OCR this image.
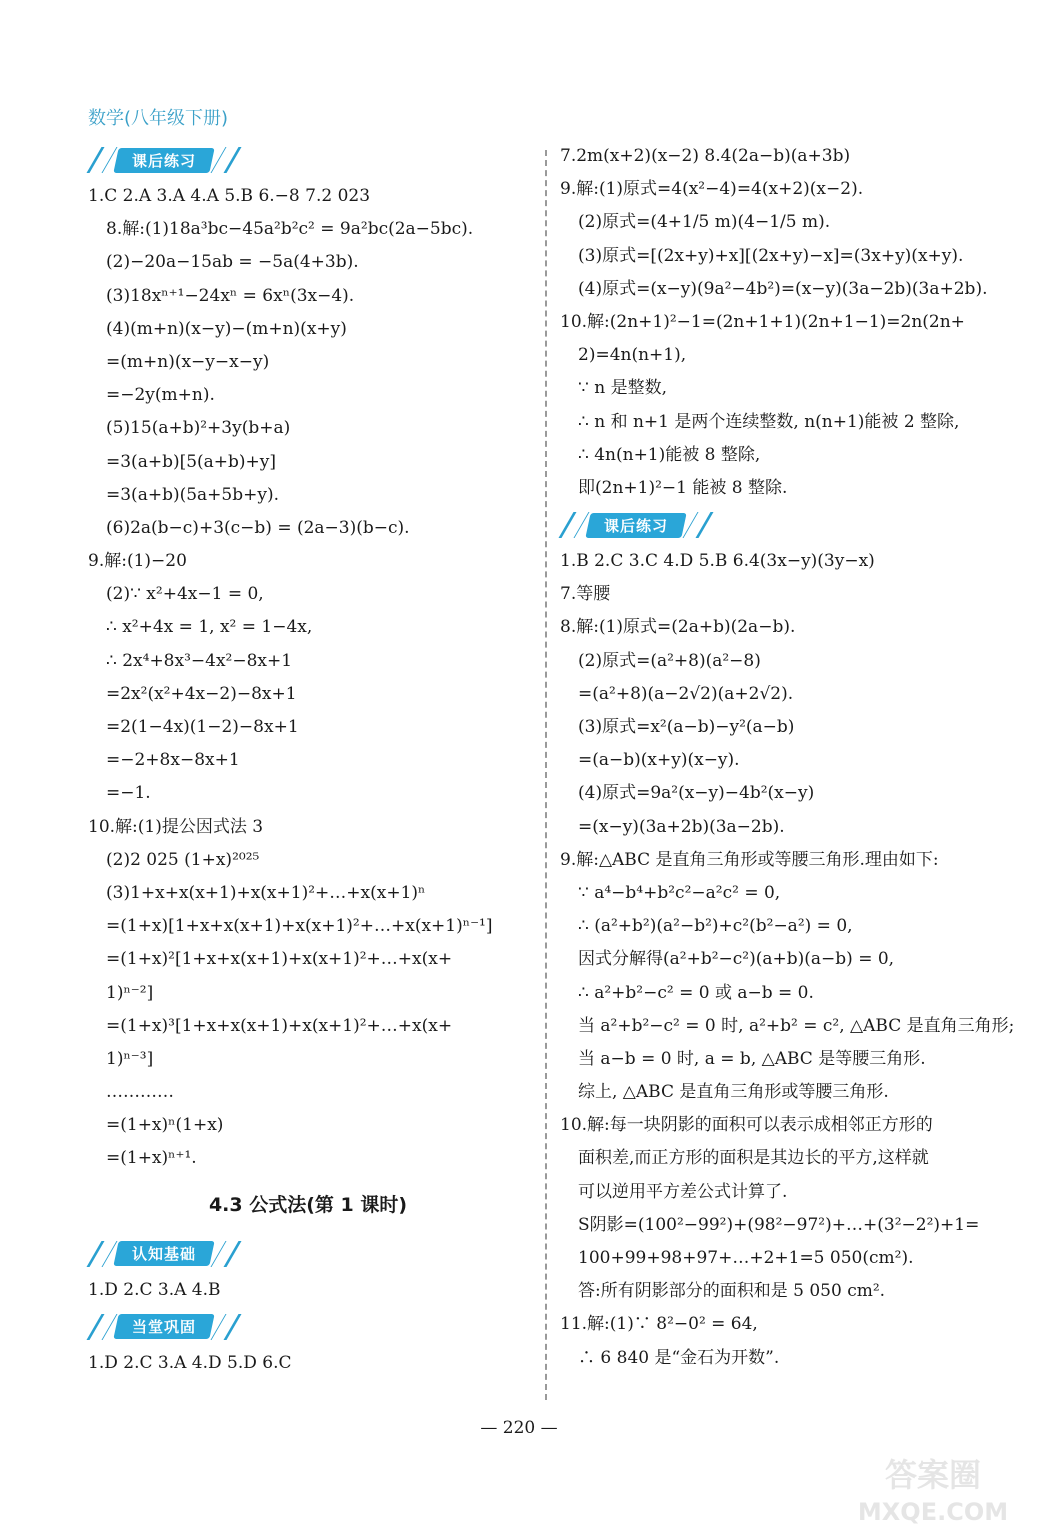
数学(八年级下册)
课后练习
1.C 2.A 3.A 4.A 5.B 6.−8 7.2 023
8.解:(1)18a³bc−45a²b²c² = 9a²bc(2a−5bc).
(2)−20a−15ab = −5a(4+3b).
(3)18xⁿ⁺¹−24xⁿ = 6xⁿ(3x−4).
(4)(m+n)(x−y)−(m+n)(x+y)
=(m+n)(x−y−x−y)
=−2y(m+n).
(5)15(a+b)²+3y(b+a)
=3(a+b)[5(a+b)+y]
=3(a+b)(5a+5b+y).
(6)2a(b−c)+3(c−b) = (2a−3)(b−c).
9.解:(1)−20
(2)∵ x²+4x−1 = 0,
∴ x²+4x = 1, x² = 1−4x,
∴ 2x⁴+8x³−4x²−8x+1
=2x²(x²+4x−2)−8x+1
=2(1−4x)(1−2)−8x+1
=−2+8x−8x+1
=−1.
10.解:(1)提公因式法 3
(2)2 025 (1+x)²⁰²⁵
(3)1+x+x(x+1)+x(x+1)²+…+x(x+1)ⁿ
=(1+x)[1+x+x(x+1)+x(x+1)²+…+x(x+1)ⁿ⁻¹]
=(1+x)²[1+x+x(x+1)+x(x+1)²+…+x(x+
1)ⁿ⁻²]
=(1+x)³[1+x+x(x+1)+x(x+1)²+…+x(x+
1)ⁿ⁻³]
…………
=(1+x)ⁿ(1+x)
=(1+x)ⁿ⁺¹.
4.3 公式法(第 1 课时)
认知基础
1.D 2.C 3.A 4.B
当堂巩固
1.D 2.C 3.A 4.D 5.D 6.C
7.2m(x+2)(x−2) 8.4(2a−b)(a+3b)
9.解:(1)原式=4(x²−4)=4(x+2)(x−2).
(2)原式=(4+1/5 m)(4−1/5 m).
(3)原式=[(2x+y)+x][(2x+y)−x]=(3x+y)(x+y).
(4)原式=(x−y)(9a²−4b²)=(x−y)(3a−2b)(3a+2b).
10.解:(2n+1)²−1=(2n+1+1)(2n+1−1)=2n(2n+
2)=4n(n+1),
∵ n 是整数,
∴ n 和 n+1 是两个连续整数, n(n+1)能被 2 整除,
∴ 4n(n+1)能被 8 整除,
即(2n+1)²−1 能被 8 整除.
课后练习
1.B 2.C 3.C 4.D 5.B 6.4(3x−y)(3y−x)
7.等腰
8.解:(1)原式=(2a+b)(2a−b).
(2)原式=(a²+8)(a²−8)
=(a²+8)(a−2√2)(a+2√2).
(3)原式=x²(a−b)−y²(a−b)
=(a−b)(x+y)(x−y).
(4)原式=9a²(x−y)−4b²(x−y)
=(x−y)(3a+2b)(3a−2b).
9.解:△ABC 是直角三角形或等腰三角形.理由如下:
∵ a⁴−b⁴+b²c²−a²c² = 0,
∴ (a²+b²)(a²−b²)+c²(b²−a²) = 0,
因式分解得(a²+b²−c²)(a+b)(a−b) = 0,
∴ a²+b²−c² = 0 或 a−b = 0.
当 a²+b²−c² = 0 时, a²+b² = c², △ABC 是直角三角形;
当 a−b = 0 时, a = b, △ABC 是等腰三角形.
综上, △ABC 是直角三角形或等腰三角形.
10.解:每一块阴影的面积可以表示成相邻正方形的
面积差,而正方形的面积是其边长的平方,这样就
可以逆用平方差公式计算了.
S阴影=(100²−99²)+(98²−97²)+…+(3²−2²)+1=
100+99+98+97+…+2+1=5 050(cm²).
答:所有阴影部分的面积和是 5 050 cm².
11.解:(1)∵ 8²−0² = 64,
∴ 6 840 是“金石为开数”.
— 220 —
答案圈
MXQE.COM
